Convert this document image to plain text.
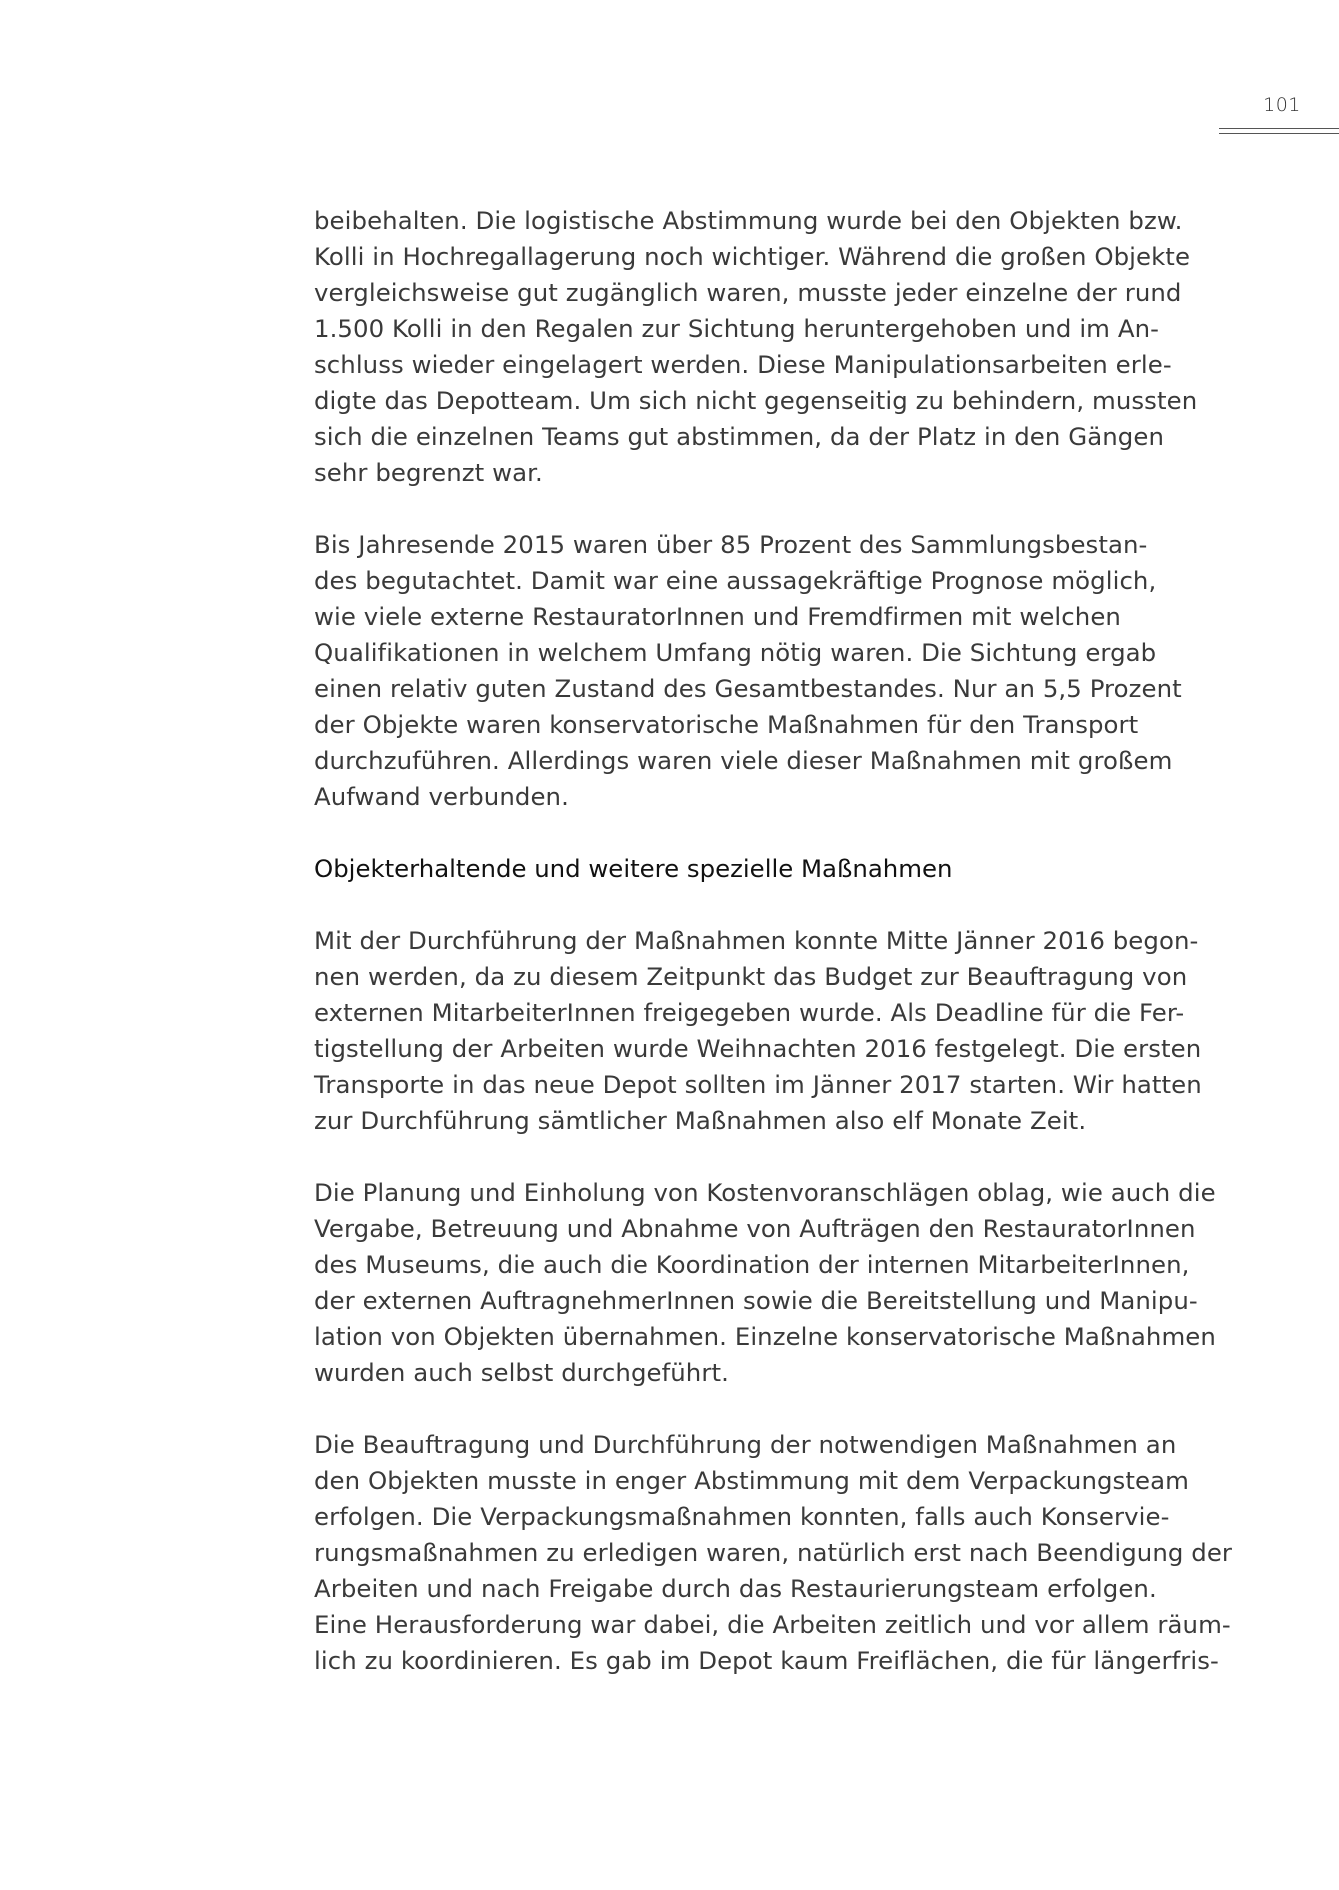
101
beibehalten. Die logistische Abstimmung wurde bei den Objekten bzw.
Kolli in Hochregallagerung noch wichtiger. Während die großen Objekte
vergleichsweise gut zugänglich waren, musste jeder einzelne der rund
1.500 Kolli in den Regalen zur Sichtung heruntergehoben und im An-
schluss wieder eingelagert werden. Diese Manipulationsarbeiten erle-
digte das Depotteam. Um sich nicht gegenseitig zu behindern, mussten
sich die einzelnen Teams gut abstimmen, da der Platz in den Gängen
sehr begrenzt war.
Bis Jahresende 2015 waren über 85 Prozent des Sammlungsbestan-
des begutachtet. Damit war eine aussagekräftige Prognose möglich,
wie viele externe RestauratorInnen und Fremdfirmen mit welchen
Qualifikationen in welchem Umfang nötig waren. Die Sichtung ergab
einen relativ guten Zustand des Gesamtbestandes. Nur an 5,5 Prozent
der Objekte waren konservatorische Maßnahmen für den Transport
durchzuführen. Allerdings waren viele dieser Maßnahmen mit großem
Aufwand verbunden.
Objekterhaltende und weitere spezielle Maßnahmen
Mit der Durchführung der Maßnahmen konnte Mitte Jänner 2016 begon-
nen werden, da zu diesem Zeitpunkt das Budget zur Beauftragung von
externen MitarbeiterInnen freigegeben wurde. Als Deadline für die Fer-
tigstellung der Arbeiten wurde Weihnachten 2016 festgelegt. Die ersten
Transporte in das neue Depot sollten im Jänner 2017 starten. Wir hatten
zur Durchführung sämtlicher Maßnahmen also elf Monate Zeit.
Die Planung und Einholung von Kostenvoranschlägen oblag, wie auch die
Vergabe, Betreuung und Abnahme von Aufträgen den RestauratorInnen
des Museums, die auch die Koordination der internen MitarbeiterInnen,
der externen AuftragnehmerInnen sowie die Bereitstellung und Manipu-
lation von Objekten übernahmen. Einzelne konservatorische Maßnahmen
wurden auch selbst durchgeführt.
Die Beauftragung und Durchführung der notwendigen Maßnahmen an
den Objekten musste in enger Abstimmung mit dem Verpackungsteam
erfolgen. Die Verpackungsmaßnahmen konnten, falls auch Konservie-
rungsmaßnahmen zu erledigen waren, natürlich erst nach Beendigung der
Arbeiten und nach Freigabe durch das Restaurierungsteam erfolgen.
Eine Herausforderung war dabei, die Arbeiten zeitlich und vor allem räum-
lich zu koordinieren. Es gab im Depot kaum Freiflächen, die für längerfris-
